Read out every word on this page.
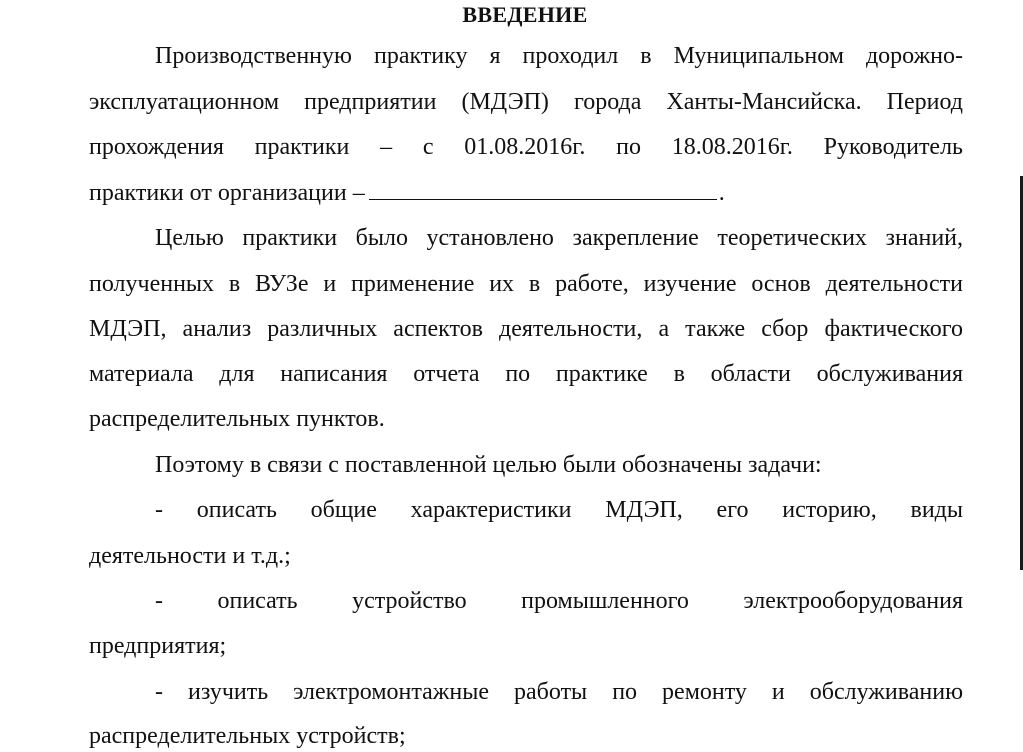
ВВЕДЕНИЕ
Производственную практику я проходил в Муниципальном дорожно-
эксплуатационном предприятии (МДЭП) города Ханты-Мансийска. Период
прохождения практики – с 01.08.2016г. по 18.08.2016г. Руководитель
практики от организации –	.
Целью практики было установлено закрепление теоретических знаний,
полученных в ВУЗе и применение их в работе, изучение основ деятельности
МДЭП, анализ различных аспектов деятельности, а также сбор фактического
материала для написания отчета по практике в области обслуживания
распределительных пунктов.
Поэтому в связи с поставленной целью были обозначены задачи:
- описать общие характеристики МДЭП, его историю, виды
деятельности и т.д.;
- описать устройство промышленного электрооборудования
предприятия;
- изучить электромонтажные работы по ремонту и обслуживанию
распределительных устройств;
